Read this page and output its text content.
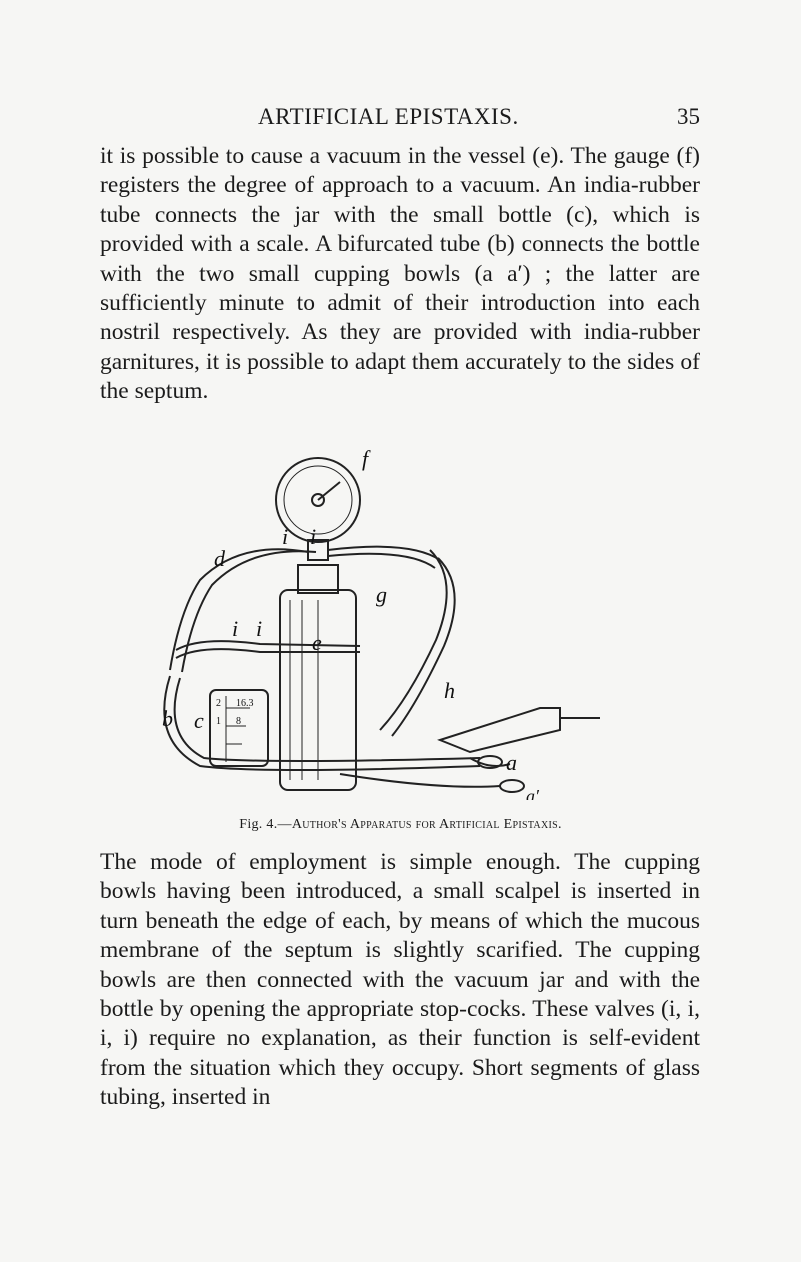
ARTIFICIAL EPISTAXIS.	35

it is possible to cause a vacuum in the vessel (e). The gauge (f) registers the degree of approach to a vacuum. An india-rubber tube connects the jar with the small bottle (c), which is provided with a scale. A bifurcated tube (b) connects the bottle with the two small cupping bowls (a a′) ; the latter are sufficiently minute to admit of their introduction into each nostril respectively. As they are provided with india-rubber garnitures, it is possible to adapt them accurately to the sides of the septum.

f
d
g
e
h
i i
i i
b c
a
a′
16.3
8
2
1
Fig. 4.—Author's Apparatus for Artificial Epistaxis.

The mode of employment is simple enough. The cupping bowls having been introduced, a small scalpel is inserted in turn beneath the edge of each, by means of which the mucous membrane of the septum is slightly scarified. The cupping bowls are then connected with the vacuum jar and with the bottle by opening the appropriate stop-cocks. These valves (i, i, i, i) require no explanation, as their function is self-evident from the situation which they occupy. Short segments of glass tubing, inserted in
